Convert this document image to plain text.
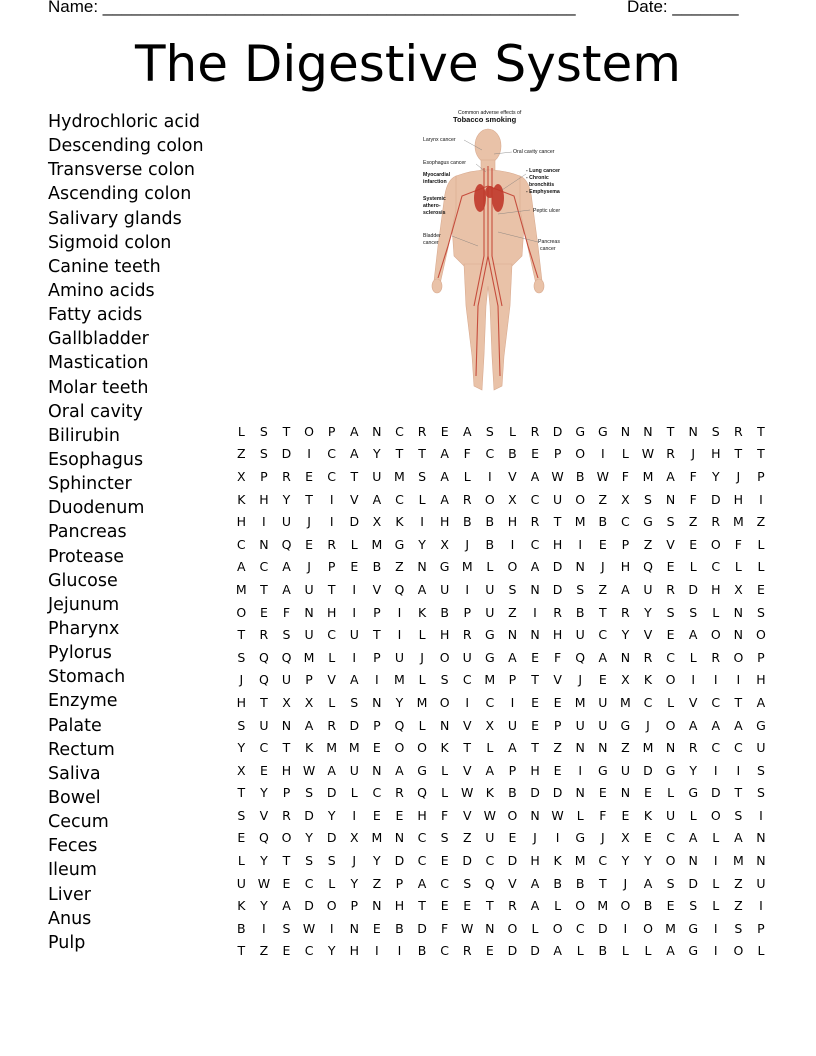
Name: __________________________________________________	Date: _______
The Digestive System
Hydrochloric acid
Descending colon
Transverse colon
Ascending colon
Salivary glands
Sigmoid colon
Canine teeth
Amino acids
Fatty acids
Gallbladder
Mastication
Molar teeth
Oral cavity
Bilirubin
Esophagus
Sphincter
Duodenum
Pancreas
Protease
Glucose
Jejunum
Pharynx
Pylorus
Stomach
Enzyme
Palate
Rectum
Saliva
Bowel
Cecum
Feces
Ileum
Liver
Anus
Pulp
Common adverse effects of
Tobacco smoking
Larynx cancer
Oral cavity cancer
Esophagus cancer
Myocardial
infarction
- Lung cancer
- Chronic
bronchitis
- Emphysema
Systemic
athero-
sclerosis	Peptic ulcer
Bladder
cancer	Pancreas
cancer
L	S	T	O	P	A	N	C	R	E	A	S	L	R	D	G	G	N	N	T	N	S	R	T
Z	S	D	I	C	A	Y	T	T	A	F	C	B	E	P	O	I	L	W	R	J	H	T	T
X	P	R	E	C	T	U	M	S	A	L	I	V	A	W	B	W	F	M	A	F	Y	J	P
K	H	Y	T	I	V	A	C	L	A	R	O	X	C	U	O	Z	X	S	N	F	D	H	I
H	I	U	J	I	D	X	K	I	H	B	B	H	R	T	M	B	C	G	S	Z	R	M	Z
C	N	Q	E	R	L	M	G	Y	X	J	B	I	C	H	I	E	P	Z	V	E	O	F	L
A	C	A	J	P	E	B	Z	N	G	M	L	O	A	D	N	J	H	Q	E	L	C	L	L
M	T	A	U	T	I	V	Q	A	U	I	U	S	N	D	S	Z	A	U	R	D	H	X	E
O	E	F	N	H	I	P	I	K	B	P	U	Z	I	R	B	T	R	Y	S	S	L	N	S
T	R	S	U	C	U	T	I	L	H	R	G	N	N	H	U	C	Y	V	E	A	O	N	O
S	Q	Q	M	L	I	P	U	J	O	U	G	A	E	F	Q	A	N	R	C	L	R	O	P
J	Q	U	P	V	A	I	M	L	S	C	M	P	T	V	J	E	X	K	O	I	I	I	H
H	T	X	X	L	S	N	Y	M	O	I	C	I	E	E	M	U	M	C	L	V	C	T	A
S	U	N	A	R	D	P	Q	L	N	V	X	U	E	P	U	U	G	J	O	A	A	A	G
Y	C	T	K	M	M	E	O	O	K	T	L	A	T	Z	N	N	Z	M	N	R	C	C	U
X	E	H	W	A	U	N	A	G	L	V	A	P	H	E	I	G	U	D	G	Y	I	I	S
T	Y	P	S	D	L	C	R	Q	L	W	K	B	D	D	N	E	N	E	L	G	D	T	S
S	V	R	D	Y	I	E	E	H	F	V	W	O	N	W	L	F	E	K	U	L	O	S	I
E	Q	O	Y	D	X	M	N	C	S	Z	U	E	J	I	G	J	X	E	C	A	L	A	N
L	Y	T	S	S	J	Y	D	C	E	D	C	D	H	K	M	C	Y	Y	O	N	I	M	N
U	W	E	C	L	Y	Z	P	A	C	S	Q	V	A	B	B	T	J	A	S	D	L	Z	U
K	Y	A	D	O	P	N	H	T	E	E	T	R	A	L	O	M	O	B	E	S	L	Z	I
B	I	S	W	I	N	E	B	D	F	W	N	O	L	O	C	D	I	O	M	G	I	S	P
T	Z	E	C	Y	H	I	I	B	C	R	E	D	D	A	L	B	L	L	A	G	I	O	L
